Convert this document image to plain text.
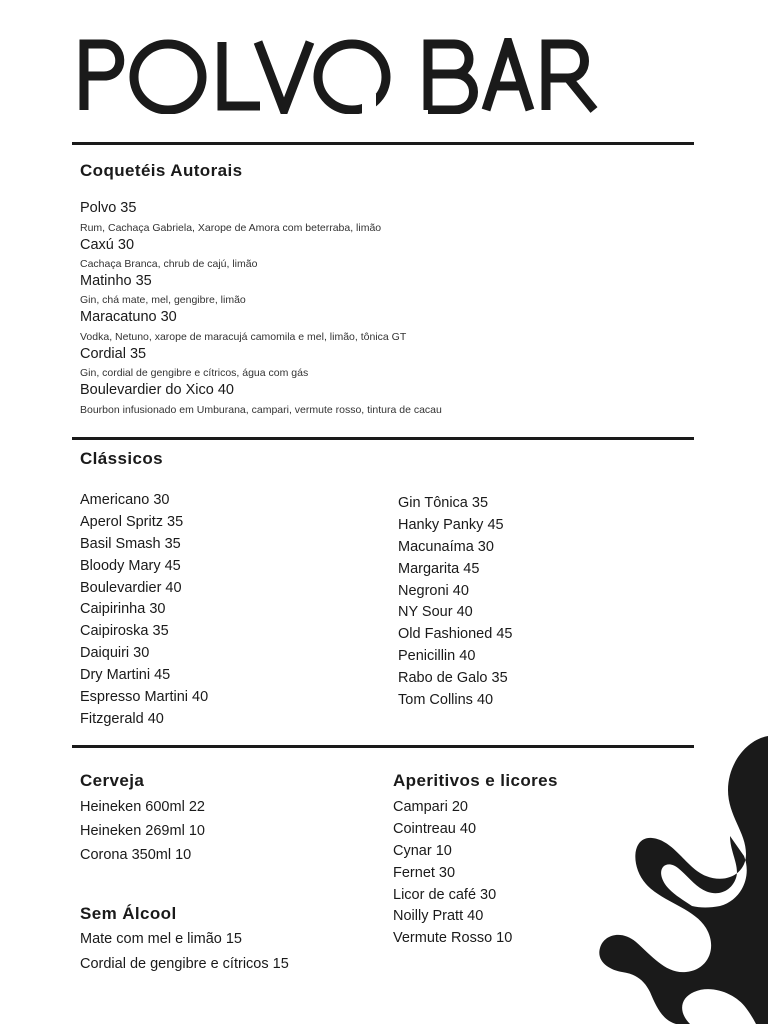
Coquetéis Autorais
Polvo 35
Rum, Cachaça Gabriela, Xarope de Amora com beterraba, limão
Caxú 30
Cachaça Branca, chrub de cajú, limão
Matinho 35
Gin, chá mate, mel, gengibre, limão
Maracatuno 30
Vodka, Netuno, xarope de maracujá camomila e mel, limão, tônica GT
Cordial 35
Gin, cordial de gengibre e cítricos, água com gás
Boulevardier do Xico 40
Bourbon infusionado em Umburana, campari, vermute rosso, tintura de cacau
Clássicos
Americano 30
Aperol Spritz 35
Basil Smash 35
Bloody Mary 45
Boulevardier 40
Caipirinha 30
Caipiroska 35
Daiquiri 30
Dry Martini 45
Espresso Martini 40
Fitzgerald 40
Gin Tônica 35
Hanky Panky 45
Macunaíma 30
Margarita 45
Negroni 40
NY Sour 40
Old Fashioned 45
Penicillin 40
Rabo de Galo 35
Tom Collins 40
Cerveja
Heineken 600ml 22
Heineken 269ml 10
Corona 350ml 10
Sem Álcool
Mate com mel e limão 15
Cordial de gengibre e cítricos 15
Aperitivos e licores
Campari 20
Cointreau 40
Cynar 10
Fernet 30
Licor de café 30
Noilly Pratt 40
Vermute Rosso 10
